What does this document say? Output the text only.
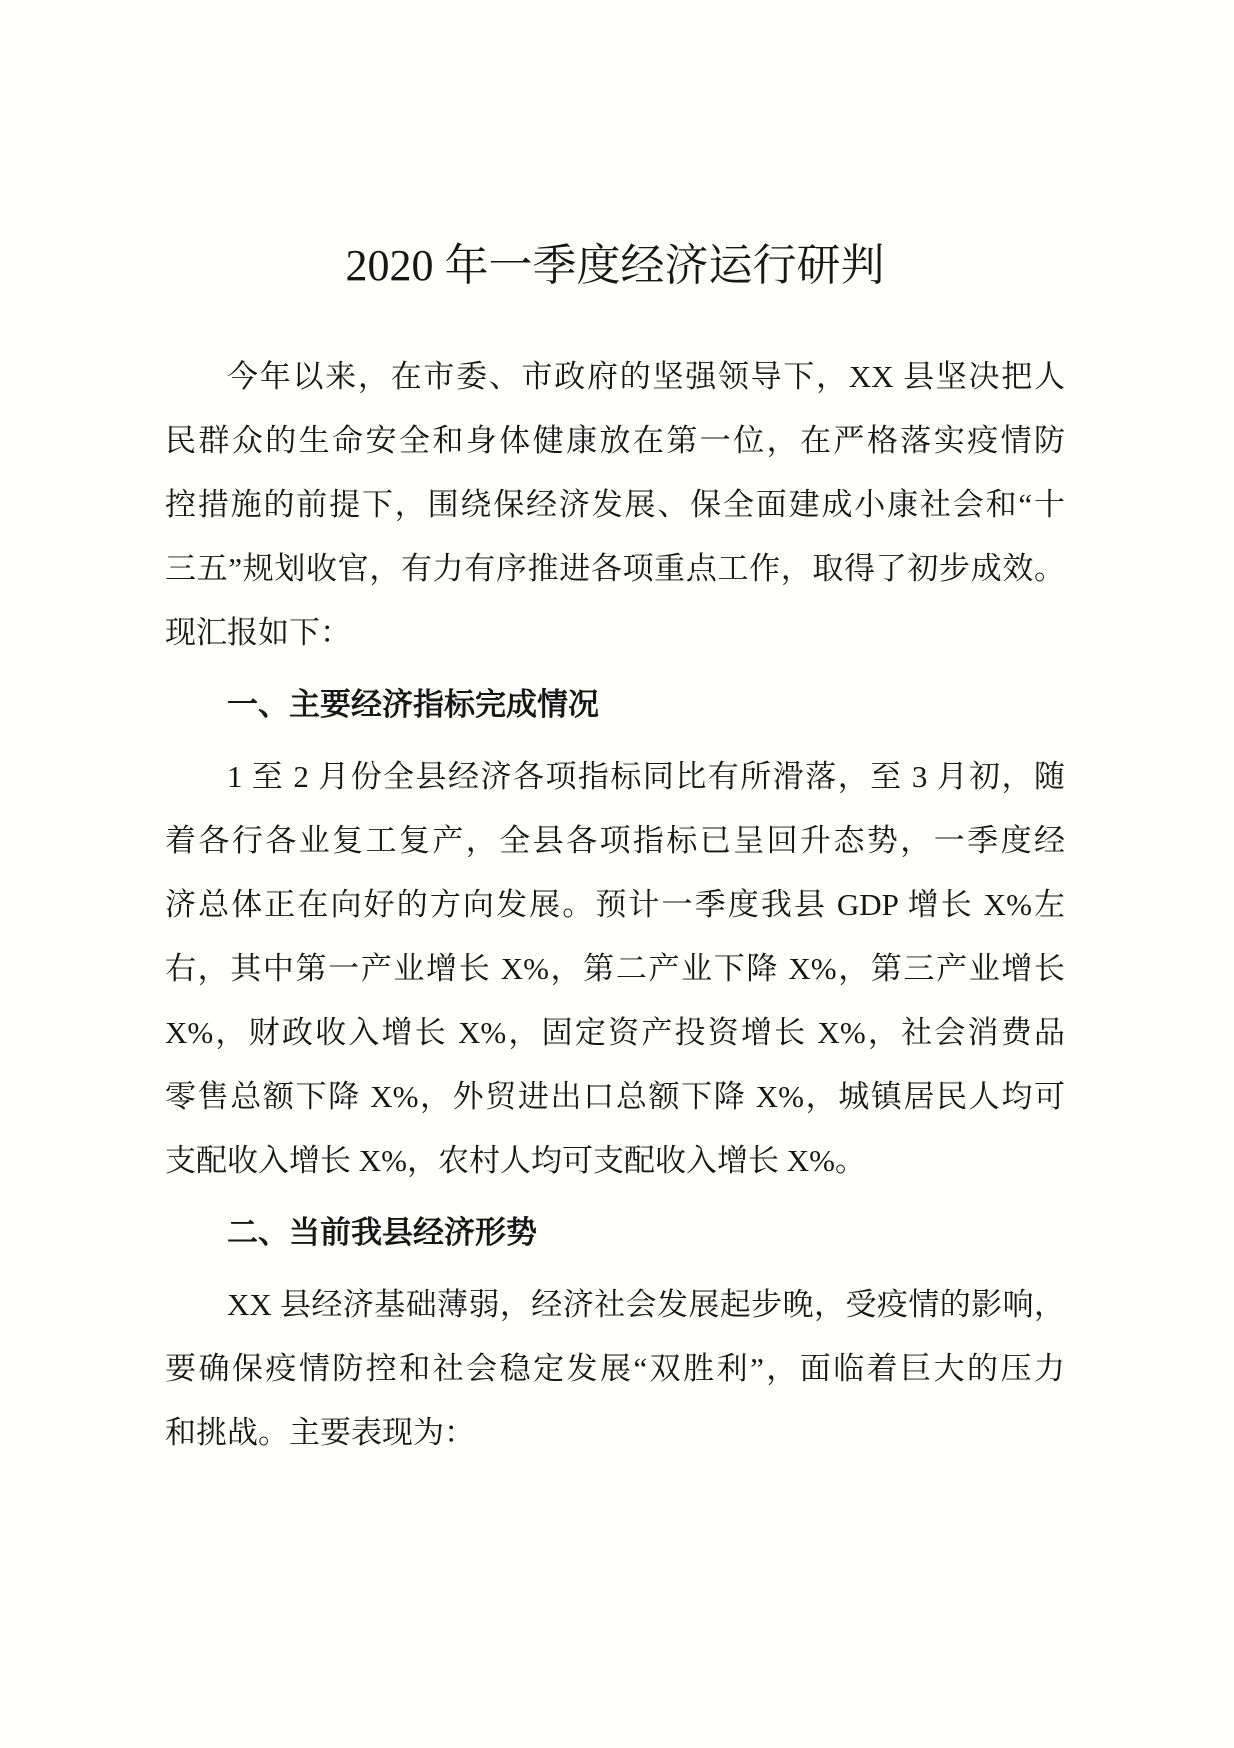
2020 年一季度经济运行研判

今年以来，在市委、市政府的坚强领导下，XX 县坚决把人

民群众的生命安全和身体健康放在第一位，在严格落实疫情防

控措施的前提下，围绕保经济发展、保全面建成小康社会和“十

三五”规划收官，有力有序推进各项重点工作，取得了初步成效。

现汇报如下：

一、主要经济指标完成情况

1 至 2 月份全县经济各项指标同比有所滑落，至 3 月初，随

着各行各业复工复产，全县各项指标已呈回升态势，一季度经

济总体正在向好的方向发展。预计一季度我县 GDP 增长 X%左

右，其中第一产业增长 X%，第二产业下降 X%，第三产业增长

X%，财政收入增长 X%，固定资产投资增长 X%，社会消费品

零售总额下降 X%，外贸进出口总额下降 X%，城镇居民人均可

支配收入增长 X%，农村人均可支配收入增长 X%。

二、当前我县经济形势

XX 县经济基础薄弱，经济社会发展起步晚，受疫情的影响，

要确保疫情防控和社会稳定发展“双胜利”，面临着巨大的压力

和挑战。主要表现为：
